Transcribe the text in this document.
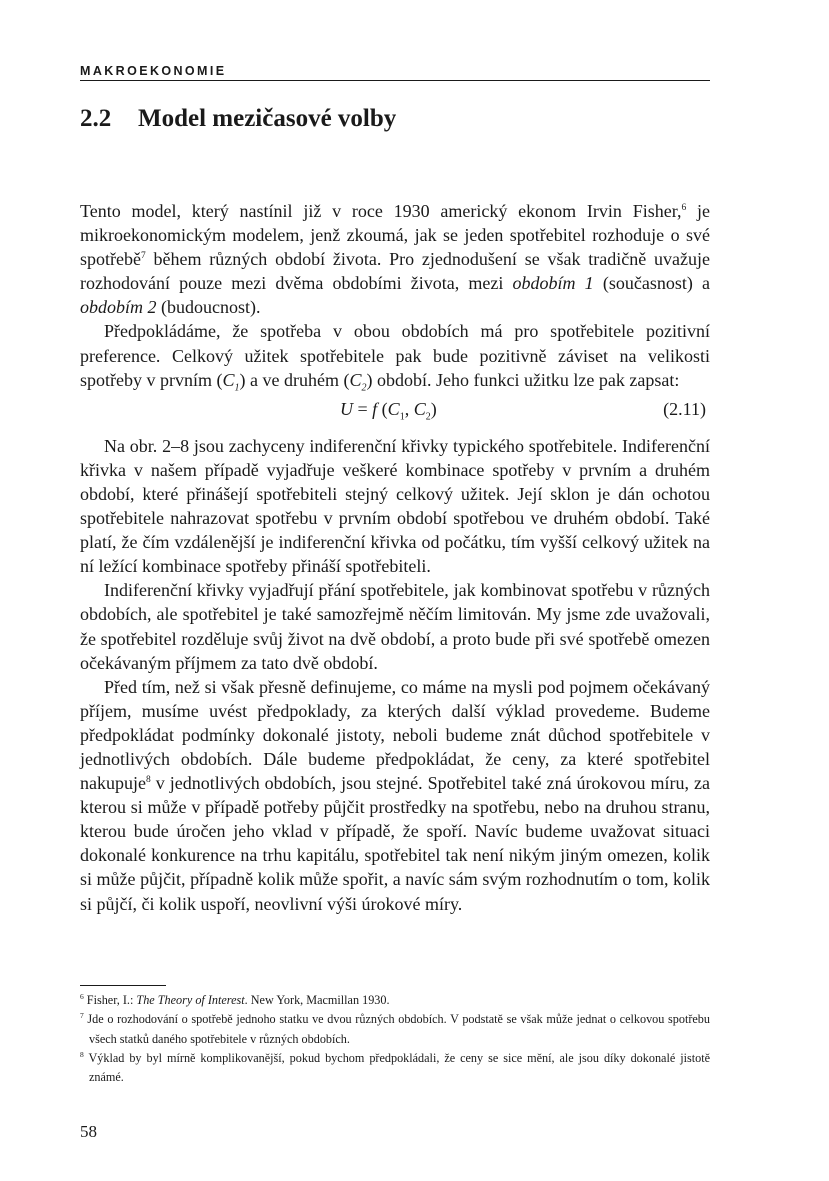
MAKROEKONOMIE
2.2 Model mezičasové volby

Tento model, který nastínil již v roce 1930 americký ekonom Irvin Fisher,$^6$ je mikroekonomickým modelem, jenž zkoumá, jak se jeden spotřebitel rozhoduje o své spotřebě$^7$ během různých období života. Pro zjednodušení se však tradičně uvažuje rozhodování pouze mezi dvěma obdobími života, mezi obdobím 1 (současnost) a obdobím 2 (budoucnost).

Předpokládáme, že spotřeba v obou obdobích má pro spotřebitele pozitivní preference. Celkový užitek spotřebitele pak bude pozitivně záviset na velikosti spotřeby v prvním $(C_1)$ a ve druhém $(C_2)$ období. Jeho funkci užitku lze pak zapsat:

U = f ($C_1$, $C_2$)	(2.11)

Na obr. 2–8 jsou zachyceny indiferenční křivky typického spotřebitele. Indiferenční křivka v našem případě vyjadřuje veškeré kombinace spotřeby v prvním a druhém období, které přinášejí spotřebiteli stejný celkový užitek. Její sklon je dán ochotou spotřebitele nahrazovat spotřebu v prvním období spotřebou ve druhém období. Také platí, že čím vzdálenější je indiferenční křivka od počátku, tím vyšší celkový užitek na ní ležící kombinace spotřeby přináší spotřebiteli.

Indiferenční křivky vyjadřují přání spotřebitele, jak kombinovat spotřebu v různých obdobích, ale spotřebitel je také samozřejmě něčím limitován. My jsme zde uvažovali, že spotřebitel rozděluje svůj život na dvě období, a proto bude při své spotřebě omezen očekávaným příjmem za tato dvě období.

Před tím, než si však přesně definujeme, co máme na mysli pod pojmem očekávaný příjem, musíme uvést předpoklady, za kterých další výklad provedeme. Budeme předpokládat podmínky dokonalé jistoty, neboli budeme znát důchod spotřebitele v jednotlivých obdobích. Dále budeme předpokládat, že ceny, za které spotřebitel nakupuje$^8$ v jednotlivých obdobích, jsou stejné. Spotřebitel také zná úrokovou míru, za kterou si může v případě potřeby půjčit prostředky na spotřebu, nebo na druhou stranu, kterou bude úročen jeho vklad v případě, že spoří. Navíc budeme uvažovat situaci dokonalé konkurence na trhu kapitálu, spotřebitel tak není nikým jiným omezen, kolik si může půjčit, případně kolik může spořit, a navíc sám svým rozhodnutím o tom, kolik si půjčí, či kolik uspoří, neovlivní výši úrokové míry.

$^6$ Fisher, I.: The Theory of Interest. New York, Macmillan 1930.

$^7$ Jde o rozhodování o spotřebě jednoho statku ve dvou různých obdobích. V podstatě se však může jednat o celkovou spotřebu všech statků daného spotřebitele v různých obdobích.

$^8$ Výklad by byl mírně komplikovanější, pokud bychom předpokládali, že ceny se sice mění, ale jsou díky dokonalé jistotě známé.

58
